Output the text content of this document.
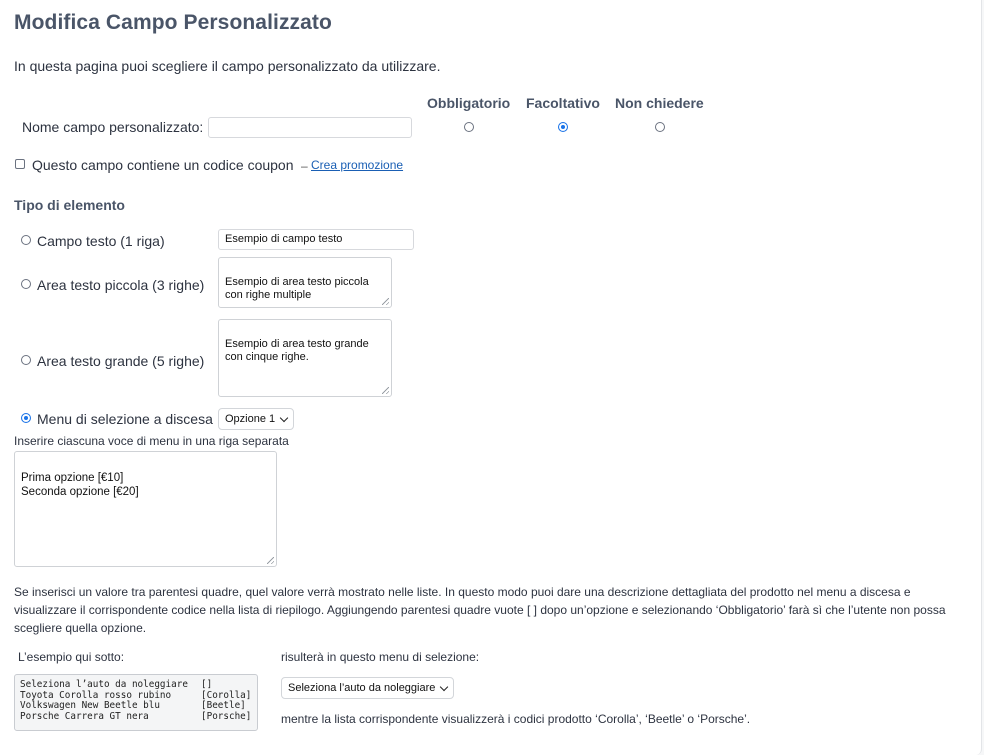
Modifica Campo Personalizzato
In questa pagina puoi scegliere il campo personalizzato da utilizzare.
Obbligatorio Facoltativo Non chiedere
Nome campo personalizzato:
Questo campo contiene un codice coupon – Crea promozione
Tipo di elemento
Campo testo (1 riga)	Esempio di campo testo
Area testo piccola (3 righe)	Esempio di area testo piccola
con righe multiple

Area testo grande (5 righe)

Esempio di area testo grande
con cinque righe.

Menu di selezione a discesa Opzione 1
Inserire ciascuna voce di menu in una riga separata

Prima opzione [€10]
Seconda opzione [€20]

Se inserisci un valore tra parentesi quadre, quel valore verrà mostrato nelle liste. In questo modo puoi dare una descrizione dettagliata del prodotto nel menu a discesa e visualizzare il corrispondente codice nella lista di riepilogo. Aggiungendo parentesi quadre vuote [ ] dopo un’opzione e selezionando ‘Obbligatorio’ farà sì che l’utente non possa scegliere quella opzione.
L’esempio qui sotto:	risulterà in questo menu di selezione:
Seleziona l’auto da noleggiare []
Toyota Corolla rosso rubino	[Corolla]
Volkswagen New Beetle blu	[Beetle]
Porsche Carrera GT nera	[Porsche]
Seleziona l’auto da noleggiare
mentre la lista corrispondente visualizzerà i codici prodotto ‘Corolla’, ‘Beetle’ o ‘Porsche’.
